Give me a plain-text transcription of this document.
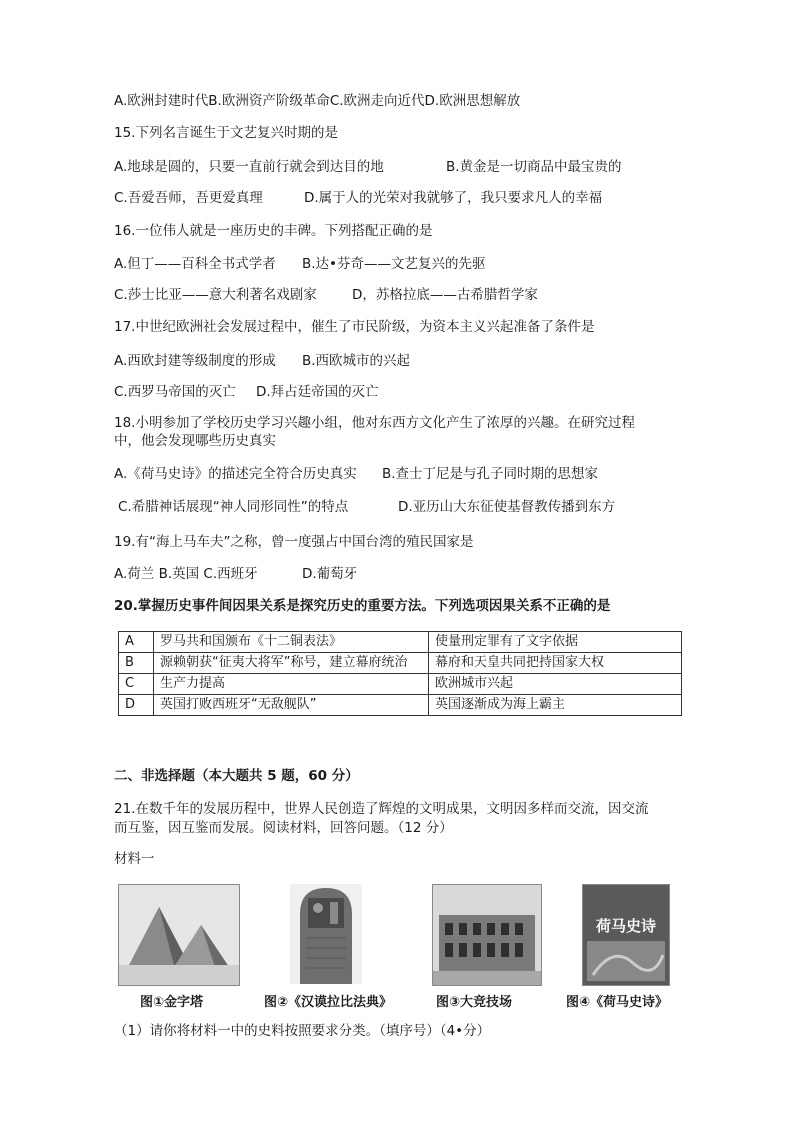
A.欧洲封建时代B.欧洲资产阶级革命C.欧洲走向近代D.欧洲思想解放
15.下列名言诞生于文艺复兴时期的是
A.地球是圆的，只要一直前行就会到达目的地	B.黄金是一切商品中最宝贵的
C.吾爱吾师，吾更爱真理	D.属于人的光荣对我就够了，我只要求凡人的幸福
16.一位伟人就是一座历史的丰碑。下列搭配正确的是
A.但丁——百科全书式学者 B.达•芬奇——文艺复兴的先驱
C.莎士比亚——意大利著名戏剧家	D，苏格拉底——古希腊哲学家
17.中世纪欧洲社会发展过程中，催生了市民阶级，为资本主义兴起准备了条件是
A.西欧封建等级制度的形成 B.西欧城市的兴起
C.西罗马帝国的灭亡 D.拜占廷帝国的灭亡
18.小明参加了学校历史学习兴趣小组，他对东西方文化产生了浓厚的兴趣。在研究过程中，他会发现哪些历史真实
A.《荷马史诗》的描述完全符合历史真实 B.查士丁尼是与孔子同时期的思想家
C.希腊神话展现“神人同形同性”的特点	D.亚历山大东征使基督教传播到东方
19.有“海上马车夫”之称，曾一度强占中国台湾的殖民国家是
A.荷兰 B.英国 C.西班牙	D.葡萄牙
20.掌握历史事件间因果关系是探究历史的重要方法。下列选项因果关系不正确的是
A	罗马共和国颁布《十二铜表法》	使量刑定罪有了文字依据
B	源赖朝获“征夷大将军”称号，建立幕府统治	幕府和天皇共同把持国家大权
C	生产力提高	欧洲城市兴起
D	英国打败西班牙“无敌舰队”	英国逐渐成为海上霸主
二、非选择题（本大题共 5 题，60 分）
21.在数千年的发展历程中，世界人民创造了辉煌的文明成果，文明因多样而交流，因交流而互鉴，因互鉴而发展。阅读材料，回答问题。（12 分）
材料一
荷马史诗
图①金字塔	图②《汉谟拉比法典》	图③大竞技场	图④《荷马史诗》
（1）请你将材料一中的史料按照要求分类。（填序号）（4•分）
